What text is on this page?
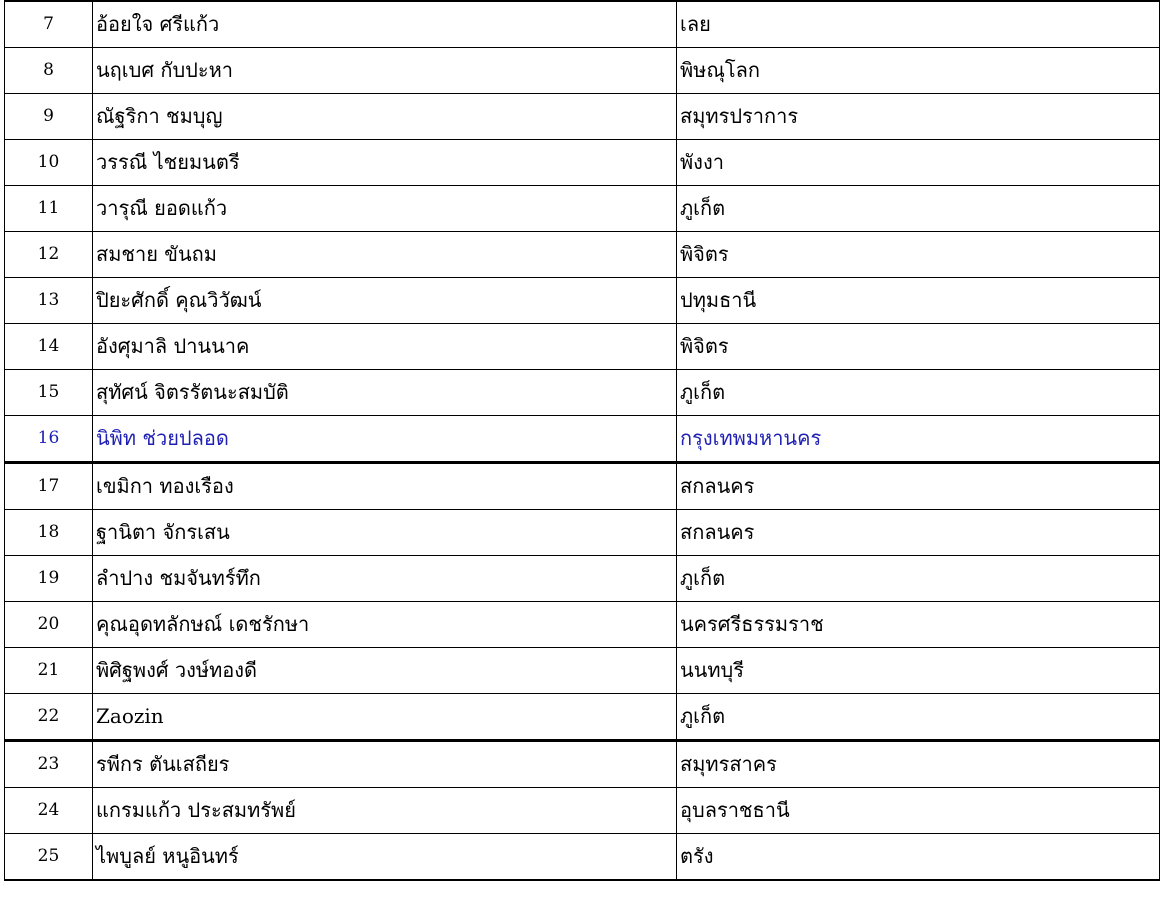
7	อ้อยใจ ศรีแก้ว	เลย
8	นฤเบศ กับปะหา	พิษณุโลก
9	ณัฐริกา ชมบุญ	สมุทรปราการ
10	วรรณี ไชยมนตรี	พังงา
11	วารุณี ยอดแก้ว	ภูเก็ต
12	สมชาย ขันถม	พิจิตร
13	ปิยะศักดิ์ คุณวิวัฒน์	ปทุมธานี
14	อังศุมาลิ ปานนาค	พิจิตร
15	สุทัศน์ จิตรรัตนะสมบัติ	ภูเก็ต
16	นิพิท ช่วยปลอด	กรุงเทพมหานคร
17	เขมิกา ทองเรือง	สกลนคร
18	ฐานิตา จักรเสน	สกลนคร
19	ลำปาง ชมจันทร์ทึก	ภูเก็ต
20	คุณอุดทลักษณ์ เดชรักษา	นครศรีธรรมราช
21	พิศิฐพงศ์ วงษ์ทองดี	นนทบุรี
22	Zaozin	ภูเก็ต
23	รพีกร ตันเสถียร	สมุทรสาคร
24	แกรมแก้ว ประสมทรัพย์	อุบลราชธานี
25	ไพบูลย์ หนูอินทร์	ตรัง
